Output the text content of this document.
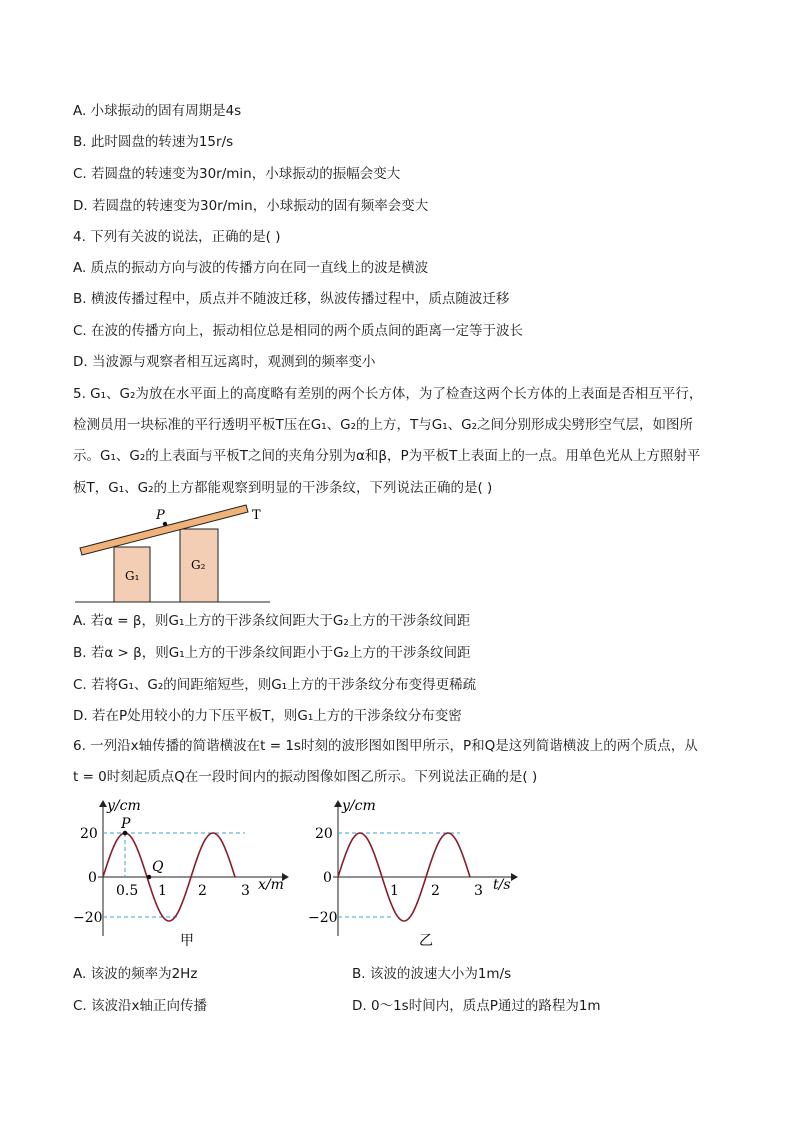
A. 小球振动的固有周期是4s
B. 此时圆盘的转速为15r/s
C. 若圆盘的转速变为30r/min，小球振动的振幅会变大
D. 若圆盘的转速变为30r/min，小球振动的固有频率会变大
4. 下列有关波的说法，正确的是( )
A. 质点的振动方向与波的传播方向在同一直线上的波是横波
B. 横波传播过程中，质点并不随波迁移，纵波传播过程中，质点随波迁移
C. 在波的传播方向上，振动相位总是相同的两个质点间的距离一定等于波长
D. 当波源与观察者相互远离时，观测到的频率变小
5. G₁、G₂为放在水平面上的高度略有差别的两个长方体，为了检查这两个长方体的上表面是否相互平行，
检测员用一块标准的平行透明平板T压在G₁、G₂的上方，T与G₁、G₂之间分别形成尖劈形空气层，如图所
示。G₁、G₂的上表面与平板T之间的夹角分别为α和β，P为平板T上表面上的一点。用单色光从上方照射平
板T，G₁、G₂的上方都能观察到明显的干涉条纹，下列说法正确的是( )
P	T
G₁
G₂
A. 若α = β，则G₁上方的干涉条纹间距大于G₂上方的干涉条纹间距
B. 若α > β，则G₁上方的干涉条纹间距小于G₂上方的干涉条纹间距
C. 若将G₁、G₂的间距缩短些，则G₁上方的干涉条纹分布变得更稀疏
D. 若在P处用较小的力下压平板T，则G₁上方的干涉条纹分布变密
6. 一列沿x轴传播的简谐横波在t = 1s时刻的波形图如图甲所示，P和Q是这列简谐横波上的两个质点，从
t = 0时刻起质点Q在一段时间内的振动图像如图乙所示。下列说法正确的是( )
P
Q
y/cm
20
0
−20
0.5 1 2 3 x/m
甲
y/cm
20
0
−20
1 2 3 t/s
乙
A. 该波的频率为2Hz	B. 该波的波速大小为1m/s
C. 该波沿x轴正向传播	D. 0～1s时间内，质点P通过的路程为1m
